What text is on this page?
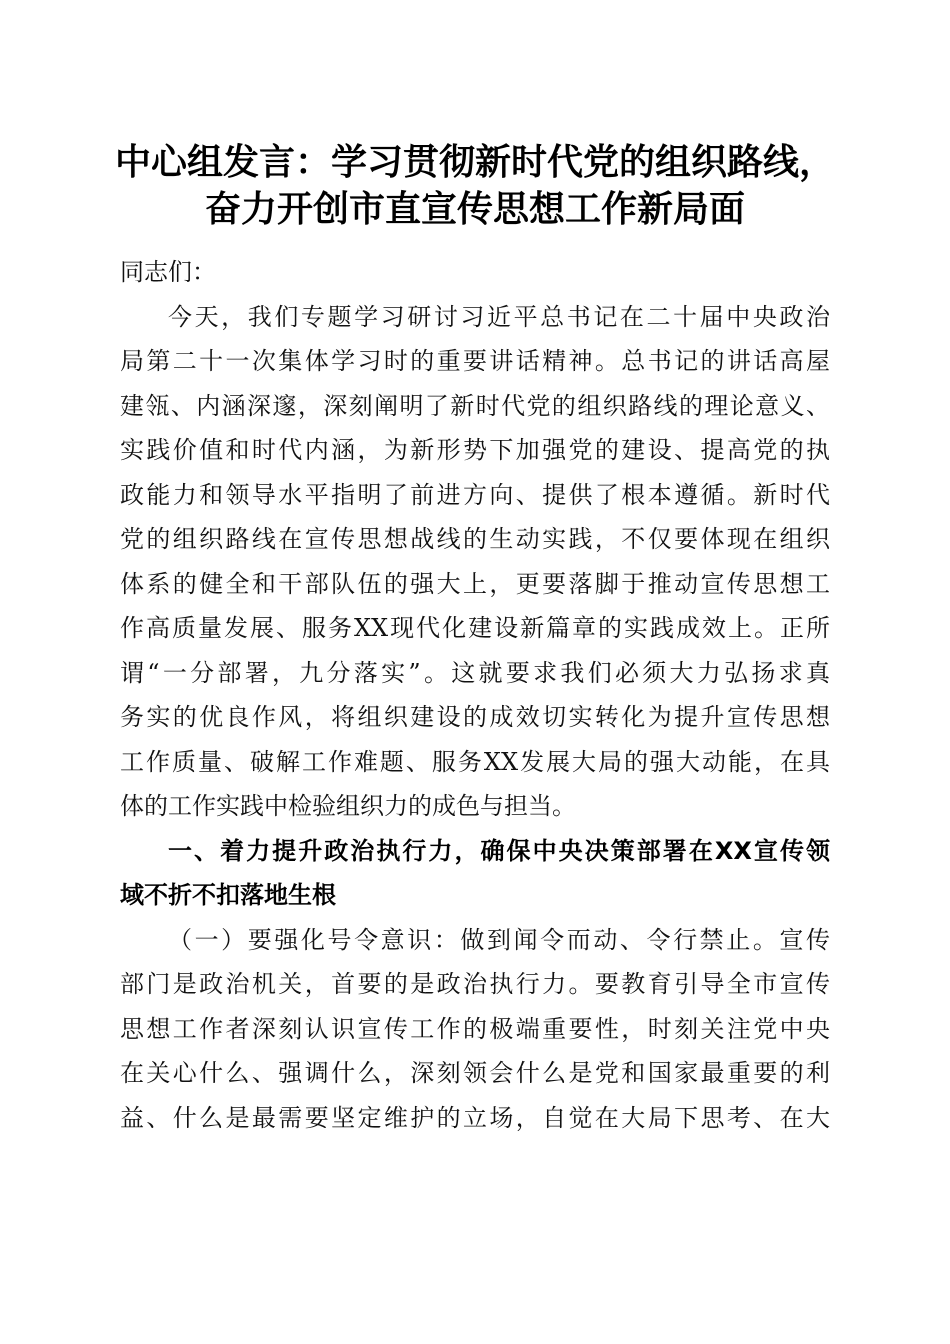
中心组发言：学习贯彻新时代党的组织路线，
奋力开创市直宣传思想工作新局面
同志们：
今天，我们专题学习研讨习近平总书记在二十届中央政治
局第二十一次集体学习时的重要讲话精神。总书记的讲话高屋
建瓴、内涵深邃，深刻阐明了新时代党的组织路线的理论意义、
实践价值和时代内涵，为新形势下加强党的建设、提高党的执
政能力和领导水平指明了前进方向、提供了根本遵循。新时代
党的组织路线在宣传思想战线的生动实践，不仅要体现在组织
体系的健全和干部队伍的强大上，更要落脚于推动宣传思想工
作高质量发展、服务XX现代化建设新篇章的实践成效上。正所
谓“一分部署，九分落实”。这就要求我们必须大力弘扬求真
务实的优良作风，将组织建设的成效切实转化为提升宣传思想
工作质量、破解工作难题、服务XX发展大局的强大动能，在具
体的工作实践中检验组织力的成色与担当。
一、着力提升政治执行力，确保中央决策部署在XX宣传领
域不折不扣落地生根
（一）要强化号令意识：做到闻令而动、令行禁止。宣传
部门是政治机关，首要的是政治执行力。要教育引导全市宣传
思想工作者深刻认识宣传工作的极端重要性，时刻关注党中央
在关心什么、强调什么，深刻领会什么是党和国家最重要的利
益、什么是最需要坚定维护的立场，自觉在大局下思考、在大
